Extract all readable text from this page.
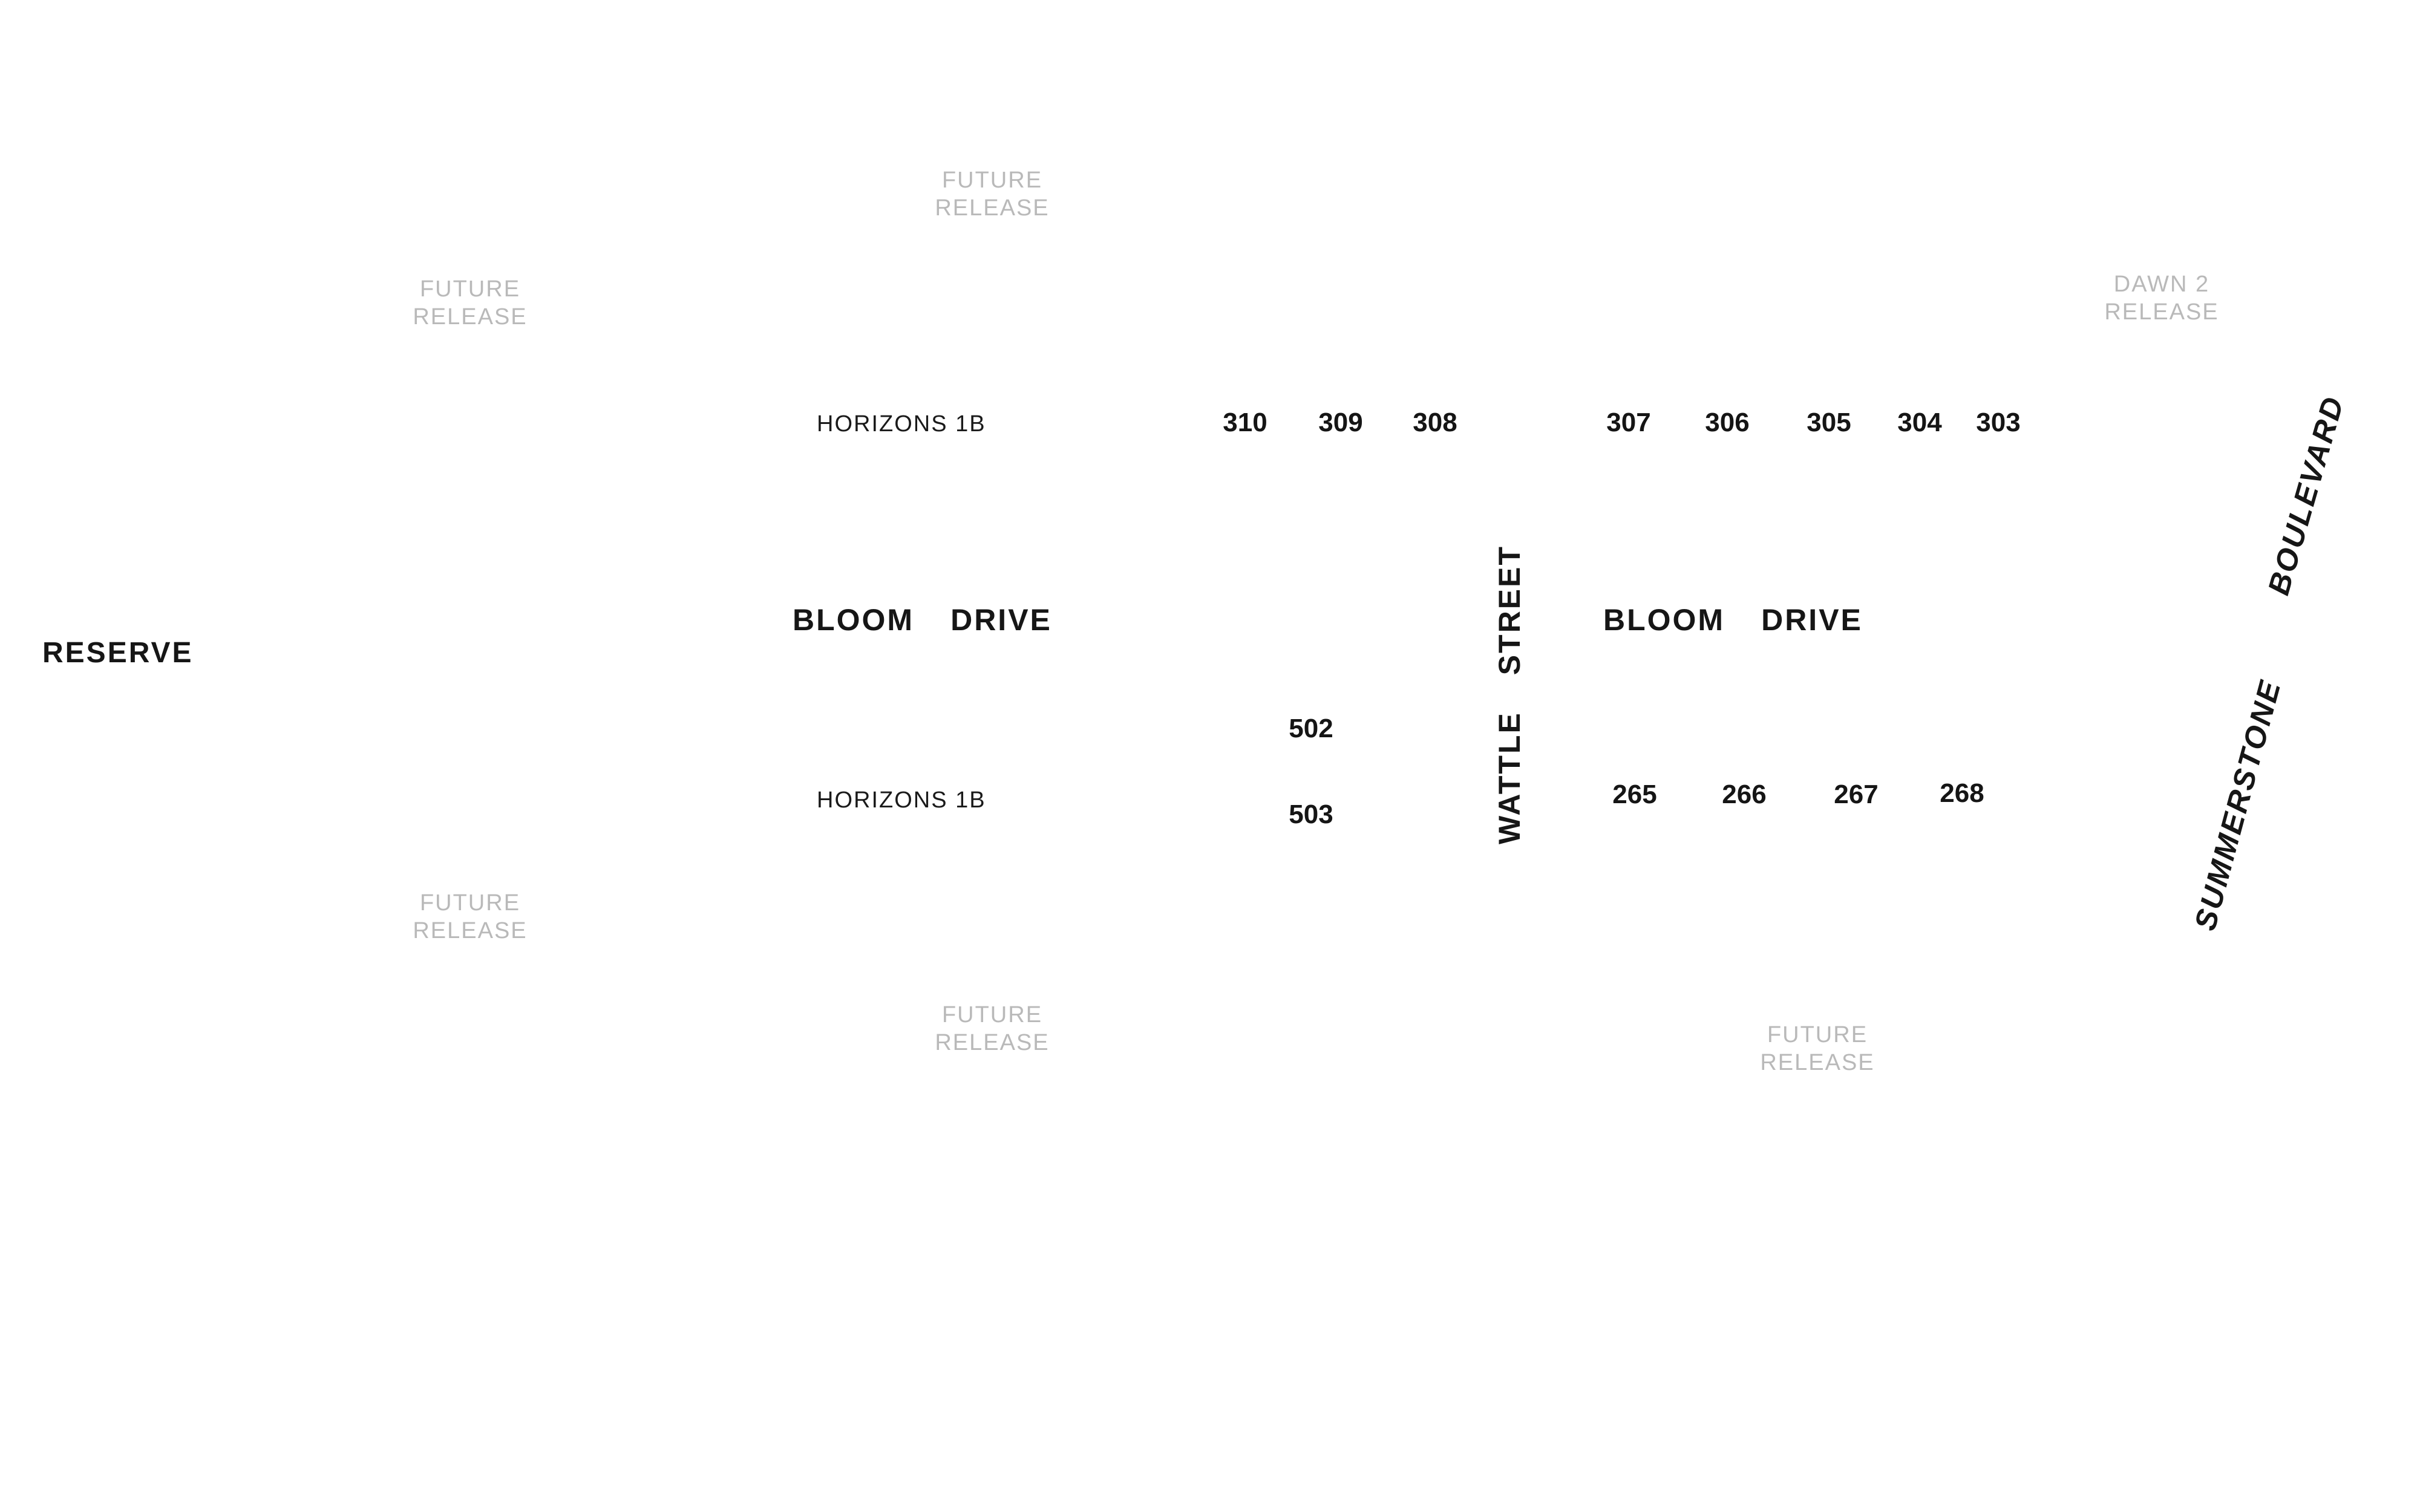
FUTURE
RELEASE
FUTURE
RELEASE
FUTURE
RELEASE
FUTURE
RELEASE	FUTURE
RELEASE
DAWN 2
RELEASE
HORIZONS 1B
HORIZONS 1B
310 309 308	307 306 305 304 303
502
503
265 266	267 268
RESERVE
BLOOM DRIVE	BLOOM DRIVE
WATTLESTREET
BOULEVARD
SUMMERSTONE
